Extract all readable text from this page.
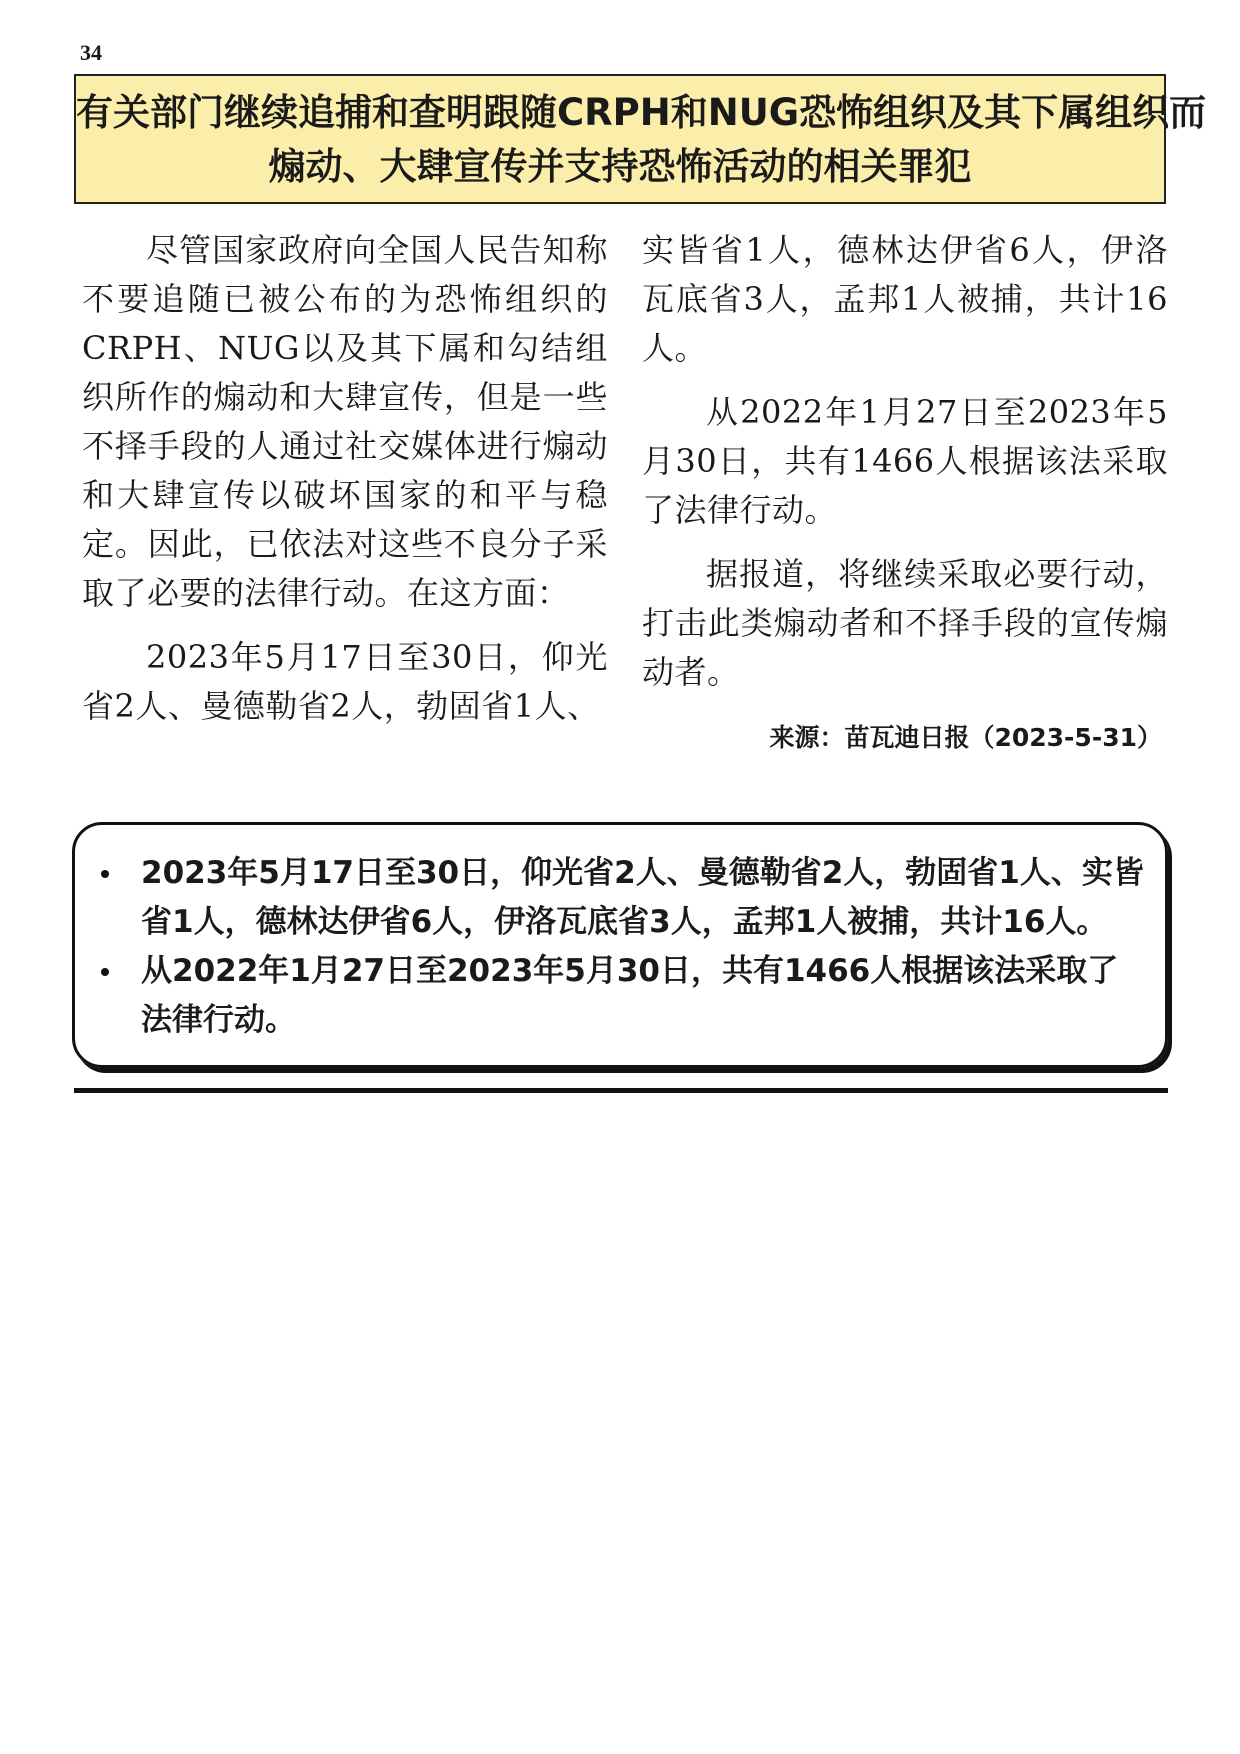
34
有关部门继续追捕和查明跟随CRPH和NUG恐怖组织及其下属组织而
煽动、大肆宣传并支持恐怖活动的相关罪犯

尽管国家政府向全国人民告知称不要追随已被公布的为恐怖组织的CRPH、NUG以及其下属和勾结组织所作的煽动和大肆宣传，但是一些不择手段的人通过社交媒体进行煽动和大肆宣传以破坏国家的和平与稳定。因此，已依法对这些不良分子采取了必要的法律行动。在这方面：

2023年5月17日至30日，仰光省2人、曼德勒省2人，勃固省1人、

实皆省1人，德林达伊省6人，伊洛瓦底省3人，孟邦1人被捕，共计16人。

从2022年1月27日至2023年5月30日，共有1466人根据该法采取了法律行动。

据报道，将继续采取必要行动，打击此类煽动者和不择手段的宣传煽动者。

来源：苗瓦迪日报（2023-5-31）
2023年5月17日至30日，仰光省2人、曼德勒省2人，勃固省1人、实皆省1人，德林达伊省6人，伊洛瓦底省3人，孟邦1人被捕，共计16人。
从2022年1月27日至2023年5月30日，共有1466人根据该法采取了法律行动。
